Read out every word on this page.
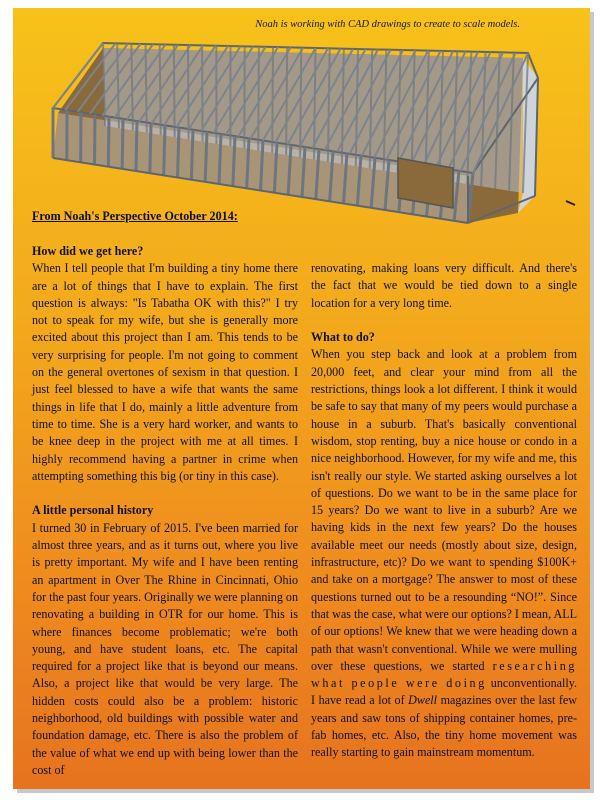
Noah is working with CAD drawings to create to scale models.
From Noah's Perspective October 2014:
How did we get here?

When I tell people that I'm building a tiny home there are a lot of things that I have to explain. The first question is always: "Is Tabatha OK with this?" I try not to speak for my wife, but she is generally more excited about this project than I am. This tends to be very surprising for people. I'm not going to comment on the general overtones of sexism in that question. I just feel blessed to have a wife that wants the same things in life that I do, mainly a little adventure from time to time. She is a very hard worker, and wants to be knee deep in the project with me at all times. I highly recommend having a partner in crime when attempting something this big (or tiny in this case).

A little personal history

I turned 30 in February of 2015. I've been married for almost three years, and as it turns out, where you live is pretty important. My wife and I have been renting an apartment in Over The Rhine in Cincinnati, Ohio for the past four years. Originally we were planning on renovating a building in OTR for our home. This is where finances become problematic; we're both young, and have student loans, etc. The capital required for a project like that is beyond our means. Also, a project like that would be very large. The hidden costs could also be a problem: historic neighborhood, old buildings with possible water and foundation damage, etc. There is also the problem of the value of what we end up with being lower than the cost of

renovating, making loans very difficult. And there's the fact that we would be tied down to a single location for a very long time.

What to do?

When you step back and look at a problem from 20,000 feet, and clear your mind from all the restrictions, things look a lot different. I think it would be safe to say that many of my peers would purchase a house in a suburb. That's basically conventional wisdom, stop renting, buy a nice house or condo in a nice neighborhood. However, for my wife and me, this isn't really our style. We started asking ourselves a lot of questions. Do we want to be in the same place for 15 years? Do we want to live in a suburb? Are we having kids in the next few years? Do the houses available meet our needs (mostly about size, design, infrastructure, etc)? Do we want to spending $100K+ and take on a mortgage? The answer to most of these questions turned out to be a resounding “NO!”. Since that was the case, what were our options? I mean, ALL of our options! We knew that we were heading down a path that wasn't conventional. While we were mulling over these questions, we started researching what people were doing unconventionally. I have read a lot of Dwell magazines over the last few years and saw tons of shipping container homes, pre-fab homes, etc. Also, the tiny home movement was really starting to gain mainstream momentum.
